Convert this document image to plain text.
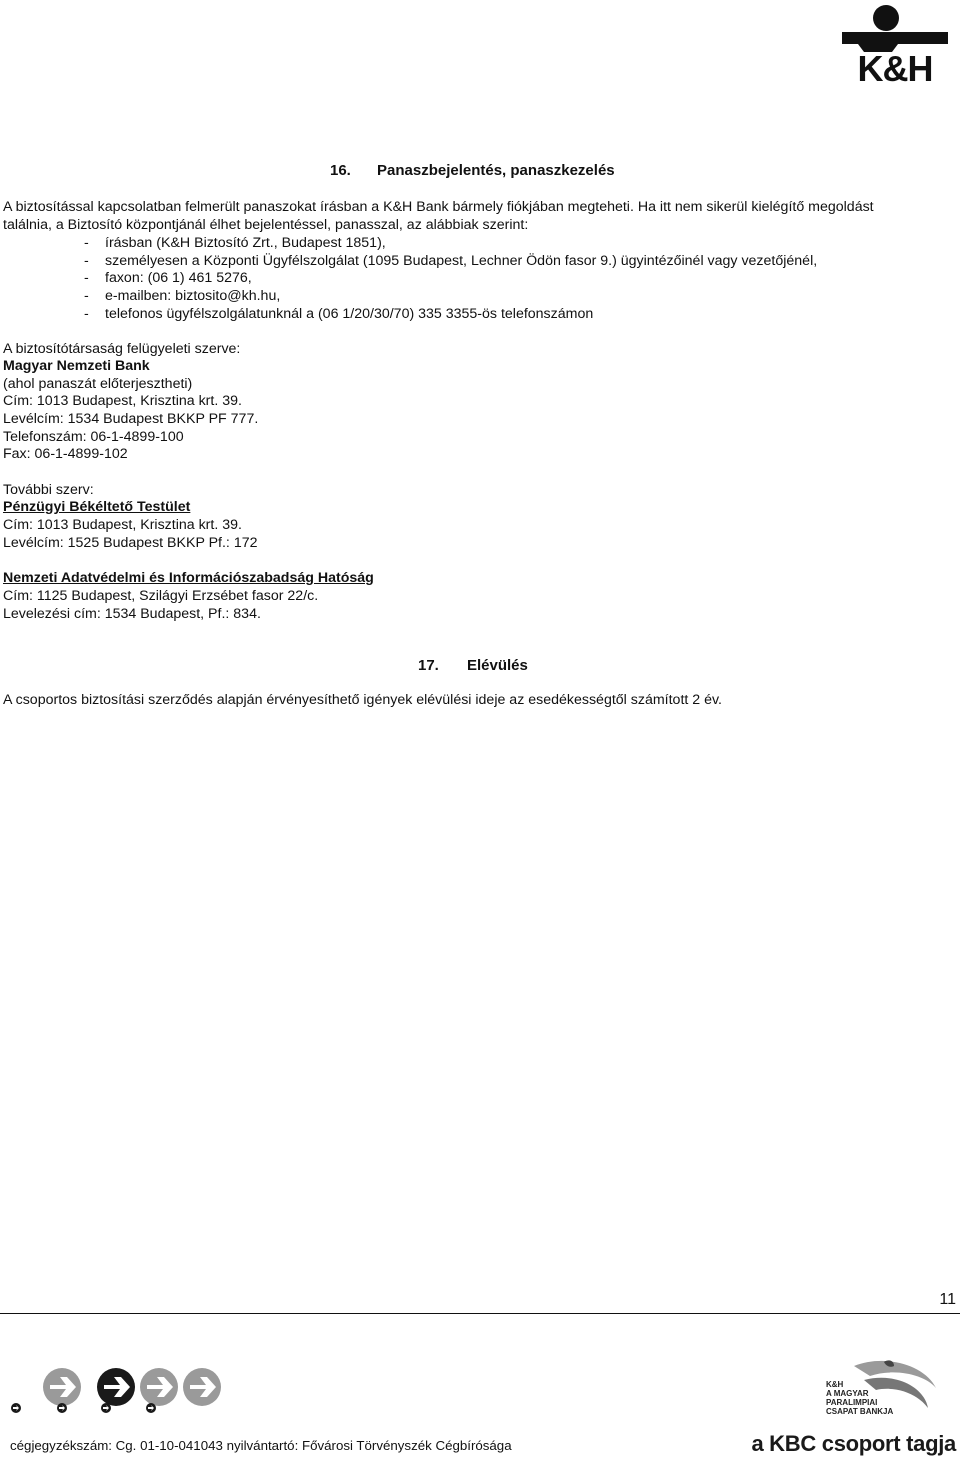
K&H
16. Panaszbejelentés, panaszkezelés
A biztosítással kapcsolatban felmerült panaszokat írásban a K&H Bank bármely fiókjában megteheti. Ha itt nem sikerül kielégítő megoldást
találnia, a Biztosító központjánál élhet bejelentéssel, panasszal, az alábbiak szerint:
- írásban (K&H Biztosító Zrt., Budapest 1851),
- személyesen a Központi Ügyfélszolgálat (1095 Budapest, Lechner Ödön fasor 9.) ügyintézőinél vagy vezetőjénél,
- faxon: (06 1) 461 5276,
- e-mailben: biztosito@kh.hu,
- telefonos ügyfélszolgálatunknál a (06 1/20/30/70) 335 3355-ös telefonszámon
A biztosítótársaság felügyeleti szerve:
Magyar Nemzeti Bank
(ahol panaszát előterjesztheti)
Cím: 1013 Budapest, Krisztina krt. 39.
Levélcím: 1534 Budapest BKKP PF 777.
Telefonszám: 06-1-4899-100
Fax: 06-1-4899-102
További szerv:
Pénzügyi Békéltető Testület
Cím: 1013 Budapest, Krisztina krt. 39.
Levélcím: 1525 Budapest BKKP Pf.: 172
Nemzeti Adatvédelmi és Információszabadság Hatóság
Cím: 1125 Budapest, Szilágyi Erzsébet fasor 22/c.
Levelezési cím: 1534 Budapest, Pf.: 834.
17. Elévülés
A csoportos biztosítási szerződés alapján érvényesíthető igények elévülési ideje az esedékességtől számított 2 év.
11
K&H
A MAGYAR
PARALIMPIAI
CSAPAT BANKJA
cégjegyzékszám: Cg. 01-10-041043 nyilvántartó: Fővárosi Törvényszék Cégbírósága	a KBC csoport tagja
